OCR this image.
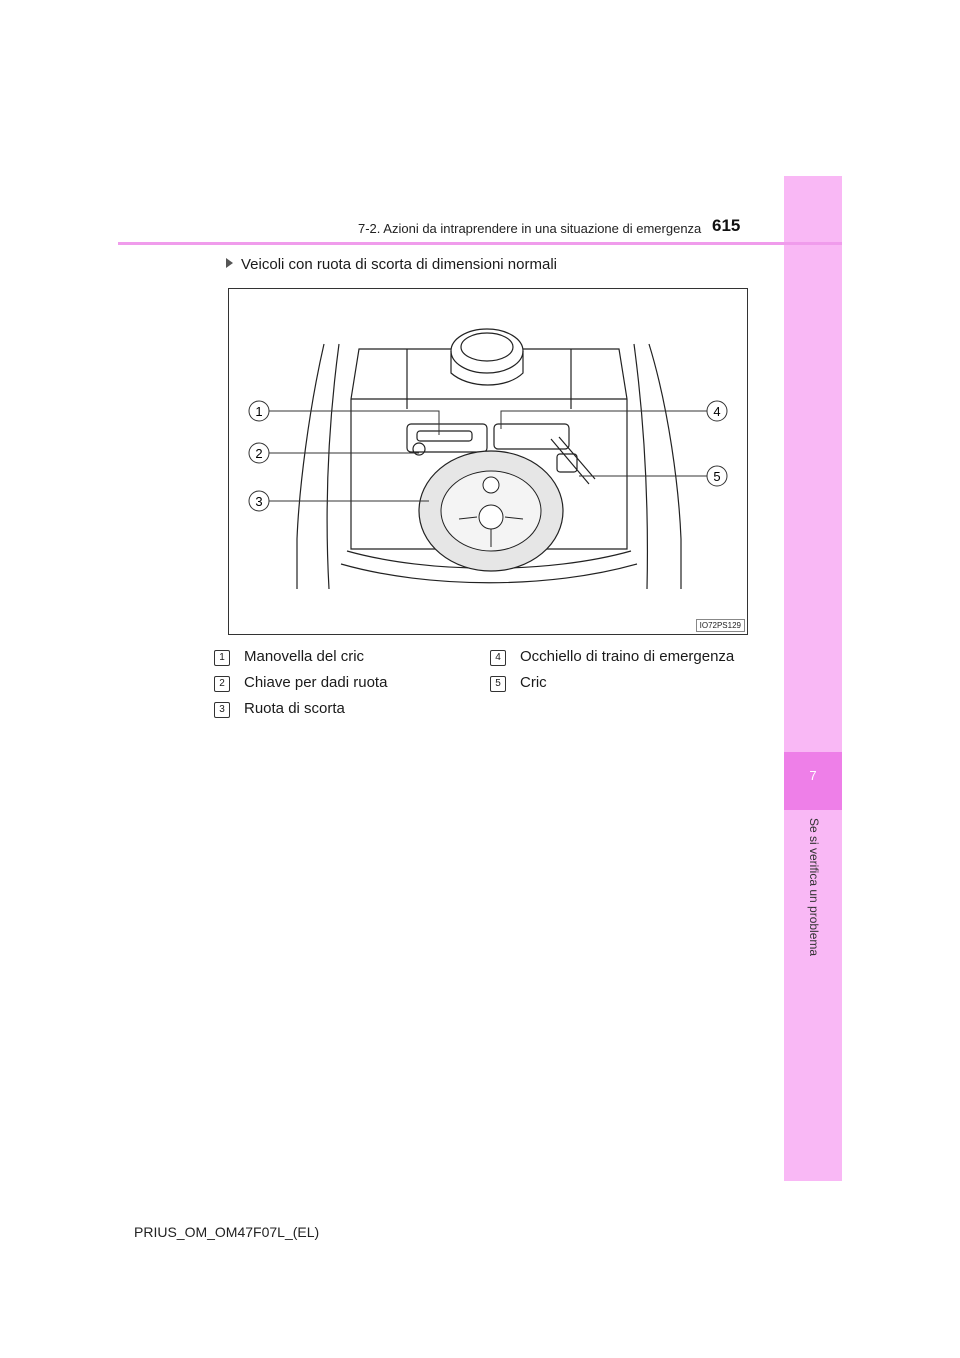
7
Se si verifica un problema
7-2. Azioni da intraprendere in una situazione di emergenza 615
Veicoli con ruota di scorta di dimensioni normali
1
2
3
4
5
IO72PS129
1 Manovella del cric
2 Chiave per dadi ruota
3 Ruota di scorta
4 Occhiello di traino di emergenza
5 Cric
PRIUS_OM_OM47F07L_(EL)
